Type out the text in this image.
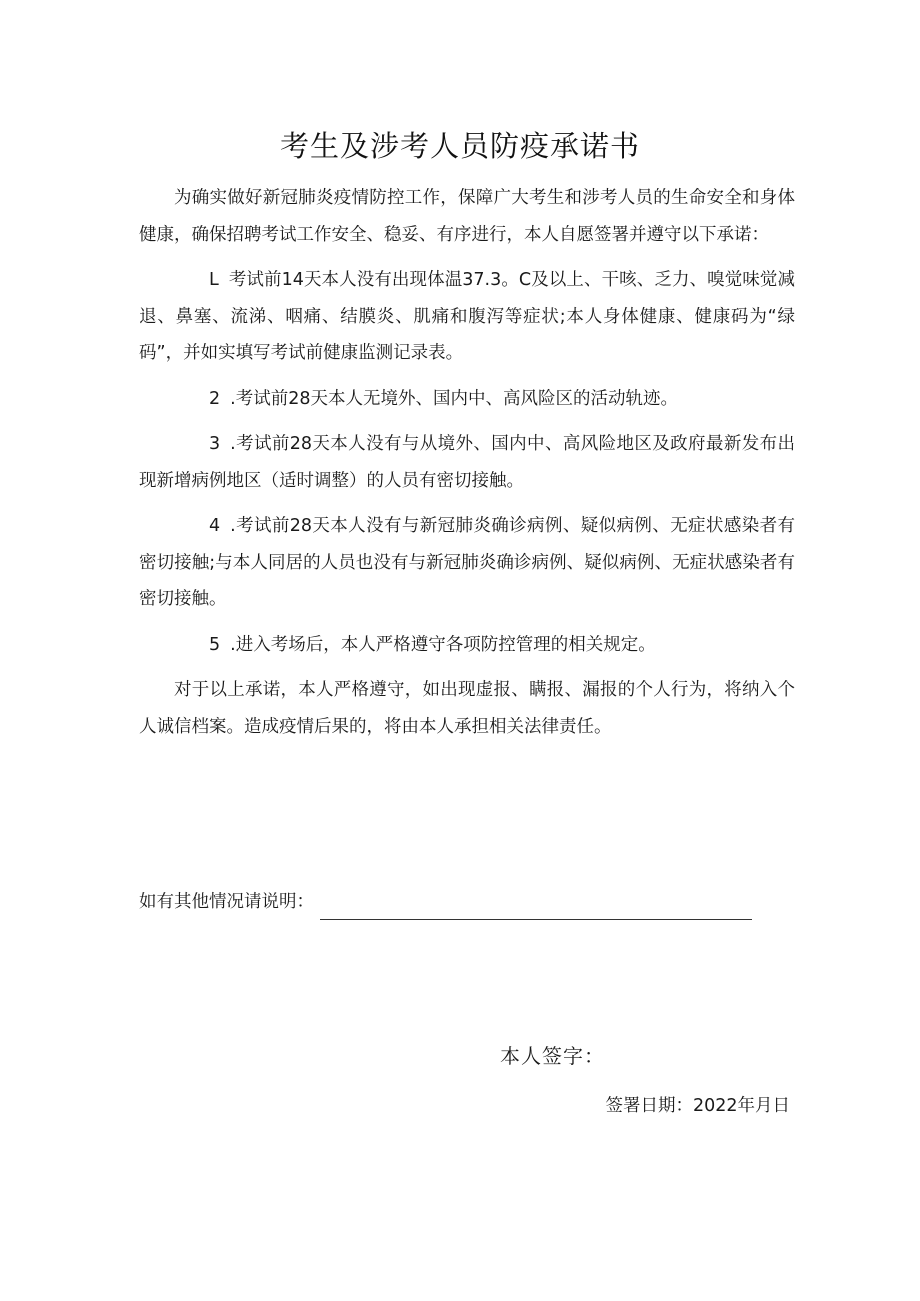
考生及涉考人员防疫承诺书

为确实做好新冠肺炎疫情防控工作，保障广大考生和涉考人员的生命安全和身体健康，确保招聘考试工作安全、稳妥、有序进行，本人自愿签署并遵守以下承诺：

L 考试前14天本人没有出现体温37.3。C及以上、干咳、乏力、嗅觉味觉减退、鼻塞、流涕、咽痛、结膜炎、肌痛和腹泻等症状;本人身体健康、健康码为“绿码”，并如实填写考试前健康监测记录表。

2 .考试前28天本人无境外、国内中、高风险区的活动轨迹。

3 .考试前28天本人没有与从境外、国内中、高风险地区及政府最新发布出现新增病例地区（适时调整）的人员有密切接触。

4 .考试前28天本人没有与新冠肺炎确诊病例、疑似病例、无症状感染者有密切接触;与本人同居的人员也没有与新冠肺炎确诊病例、疑似病例、无症状感染者有密切接触。

5 .进入考场后，本人严格遵守各项防控管理的相关规定。

对于以上承诺，本人严格遵守，如出现虚报、瞒报、漏报的个人行为，将纳入个人诚信档案。造成疫情后果的，将由本人承担相关法律责任。

如有其他情况请说明：
本人签字：
签署日期：2022年月日
